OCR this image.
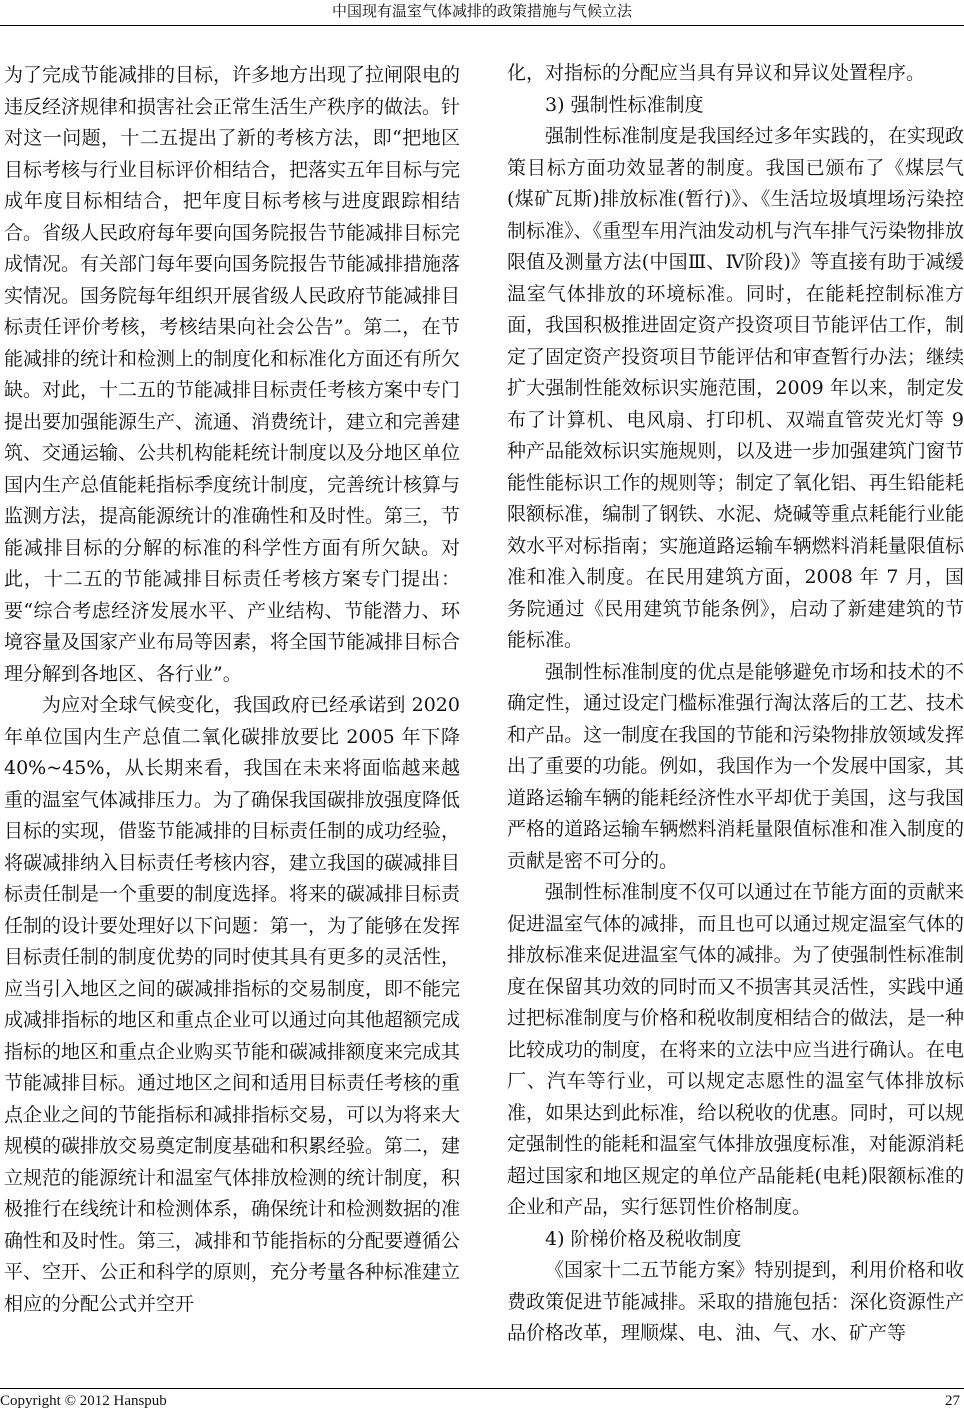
中国现有温室气体减排的政策措施与气候立法

为了完成节能减排的目标，许多地方出现了拉闸限电的违反经济规律和损害社会正常生活生产秩序的做法。针对这一问题，十二五提出了新的考核方法，即“把地区目标考核与行业目标评价相结合，把落实五年目标与完成年度目标相结合，把年度目标考核与进度跟踪相结合。省级人民政府每年要向国务院报告节能减排目标完成情况。有关部门每年要向国务院报告节能减排措施落实情况。国务院每年组织开展省级人民政府节能减排目标责任评价考核，考核结果向社会公告”。第二，在节能减排的统计和检测上的制度化和标准化方面还有所欠缺。对此，十二五的节能减排目标责任考核方案中专门提出要加强能源生产、流通、消费统计，建立和完善建筑、交通运输、公共机构能耗统计制度以及分地区单位国内生产总值能耗指标季度统计制度，完善统计核算与监测方法，提高能源统计的准确性和及时性。第三，节能减排目标的分解的标准的科学性方面有所欠缺。对此，十二五的节能减排目标责任考核方案专门提出：要“综合考虑经济发展水平、产业结构、节能潜力、环境容量及国家产业布局等因素，将全国节能减排目标合理分解到各地区、各行业”。

为应对全球气候变化，我国政府已经承诺到 2020 年单位国内生产总值二氧化碳排放要比 2005 年下降 40%~45%，从长期来看，我国在未来将面临越来越重的温室气体减排压力。为了确保我国碳排放强度降低目标的实现，借鉴节能减排的目标责任制的成功经验，将碳减排纳入目标责任考核内容，建立我国的碳减排目标责任制是一个重要的制度选择。将来的碳减排目标责任制的设计要处理好以下问题：第一，为了能够在发挥目标责任制的制度优势的同时使其具有更多的灵活性，应当引入地区之间的碳减排指标的交易制度，即不能完成减排指标的地区和重点企业可以通过向其他超额完成指标的地区和重点企业购买节能和碳减排额度来完成其节能减排目标。通过地区之间和适用目标责任考核的重点企业之间的节能指标和减排指标交易，可以为将来大规模的碳排放交易奠定制度基础和积累经验。第二，建立规范的能源统计和温室气体排放检测的统计制度，积极推行在线统计和检测体系，确保统计和检测数据的准确性和及时性。第三，减排和节能指标的分配要遵循公平、空开、公正和科学的原则，充分考量各种标准建立相应的分配公式并空开

化，对指标的分配应当具有异议和异议处置程序。

3) 强制性标准制度

强制性标准制度是我国经过多年实践的，在实现政策目标方面功效显著的制度。我国已颁布了《煤层气(煤矿瓦斯)排放标准(暂行)》、《生活垃圾填埋场污染控制标准》、《重型车用汽油发动机与汽车排气污染物排放限值及测量方法(中国Ⅲ、Ⅳ阶段)》等直接有助于减缓温室气体排放的环境标准。同时，在能耗控制标准方面，我国积极推进固定资产投资项目节能评估工作，制定了固定资产投资项目节能评估和审查暂行办法；继续扩大强制性能效标识实施范围，2009 年以来，制定发布了计算机、电风扇、打印机、双端直管荧光灯等 9 种产品能效标识实施规则，以及进一步加强建筑门窗节能性能标识工作的规则等；制定了氧化铝、再生铅能耗限额标准，编制了钢铁、水泥、烧碱等重点耗能行业能效水平对标指南；实施道路运输车辆燃料消耗量限值标准和准入制度。在民用建筑方面，2008 年 7 月，国务院通过《民用建筑节能条例》，启动了新建建筑的节能标准。

强制性标准制度的优点是能够避免市场和技术的不确定性，通过设定门槛标准强行淘汰落后的工艺、技术和产品。这一制度在我国的节能和污染物排放领域发挥出了重要的功能。例如，我国作为一个发展中国家，其道路运输车辆的能耗经济性水平却优于美国，这与我国严格的道路运输车辆燃料消耗量限值标准和准入制度的贡献是密不可分的。

强制性标准制度不仅可以通过在节能方面的贡献来促进温室气体的减排，而且也可以通过规定温室气体的排放标准来促进温室气体的减排。为了使强制性标准制度在保留其功效的同时而又不损害其灵活性，实践中通过把标准制度与价格和税收制度相结合的做法，是一种比较成功的制度，在将来的立法中应当进行确认。在电厂、汽车等行业，可以规定志愿性的温室气体排放标准，如果达到此标准，给以税收的优惠。同时，可以规定强制性的能耗和温室气体排放强度标准，对能源消耗超过国家和地区规定的单位产品能耗(电耗)限额标准的企业和产品，实行惩罚性价格制度。

4) 阶梯价格及税收制度

《国家十二五节能方案》特别提到，利用价格和收费政策促进节能减排。采取的措施包括：深化资源性产品价格改革，理顺煤、电、油、气、水、矿产等

Copyright © 2012 Hanspub	27
